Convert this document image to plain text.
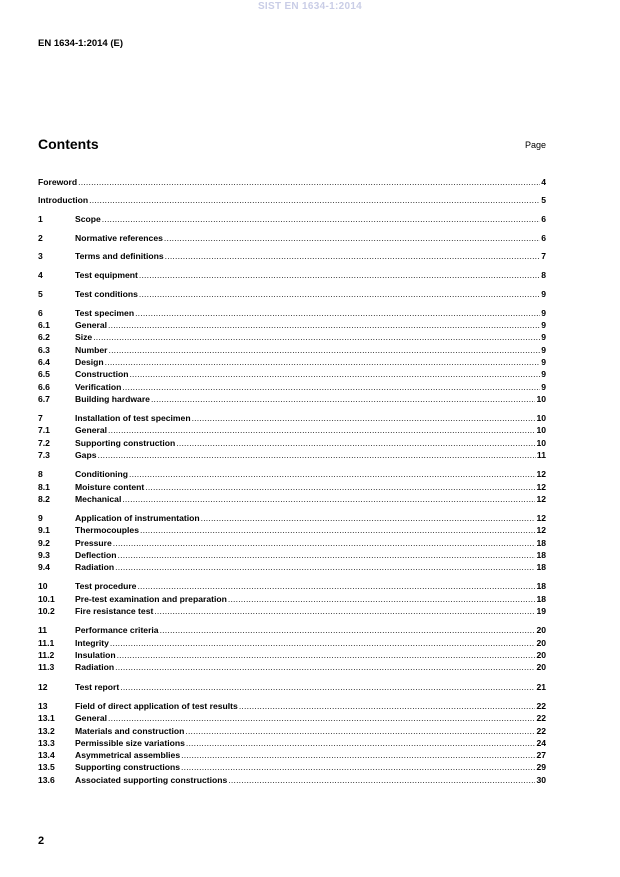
SIST EN 1634-1:2014
EN 1634-1:2014 (E)
Contents	Page
Foreword .....	4
Introduction .....	5
1	Scope .....	6
2	Normative references .....	6
3	Terms and definitions .....	7
4	Test equipment .....	8
5	Test conditions .....	9
6	Test specimen .....	9
6.1	General .....	9
6.2	Size .....	9
6.3	Number .....	9
6.4	Design .....	9
6.5	Construction .....	9
6.6	Verification .....	9
6.7	Building hardware .....	10
7	Installation of test specimen .....	10
7.1	General .....	10
7.2	Supporting construction .....	10
7.3	Gaps .....	11
8	Conditioning .....	12
8.1	Moisture content .....	12
8.2	Mechanical .....	12
9	Application of instrumentation .....	12
9.1	Thermocouples .....	12
9.2	Pressure .....	18
9.3	Deflection .....	18
9.4	Radiation .....	18
10	Test procedure .....	18
10.1	Pre-test examination and preparation .....	18
10.2	Fire resistance test .....	19
11	Performance criteria .....	20
11.1	Integrity .....	20
11.2	Insulation .....	20
11.3	Radiation .....	20
12	Test report .....	21
13	Field of direct application of test results .....	22
13.1	General .....	22
13.2	Materials and construction .....	22
13.3	Permissible size variations .....	24
13.4	Asymmetrical assemblies .....	27
13.5	Supporting constructions .....	29
13.6	Associated supporting constructions .....	30
2
